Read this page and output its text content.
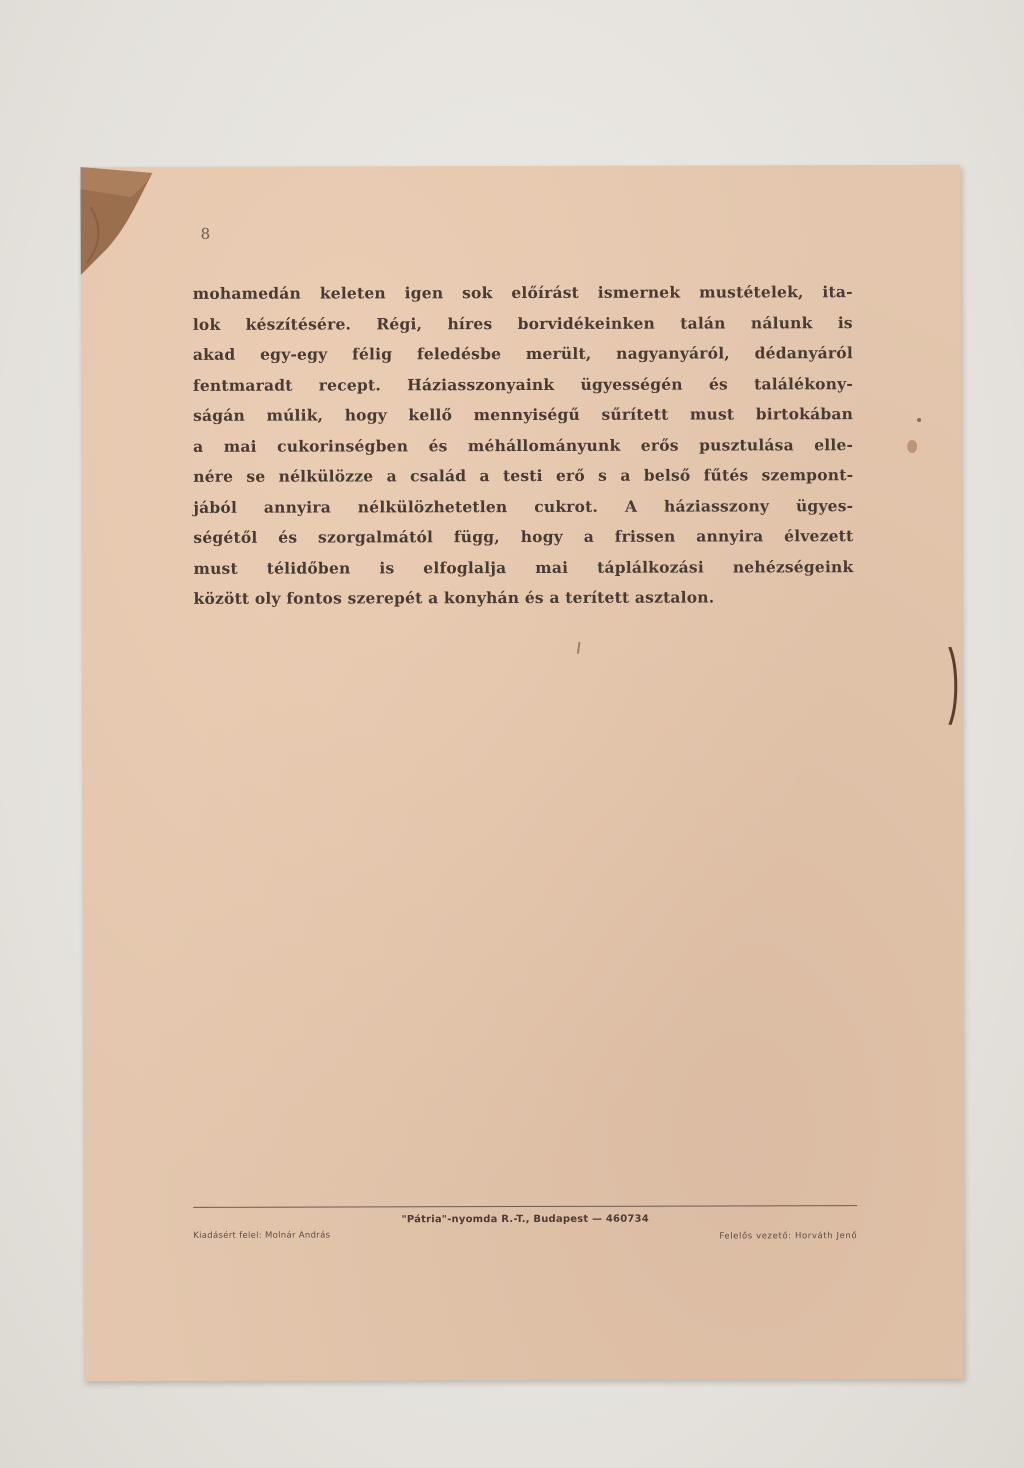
8
mohamedán keleten igen sok előírást ismernek mustételek, ita-
lok készítésére. Régi, híres borvidékeinken talán nálunk is
akad egy-egy félig feledésbe merült, nagyanyáról, dédanyáról
fentmaradt recept. Háziasszonyaink ügyességén és találékony-
ságán múlik, hogy kellő mennyiségű sűrített must birtokában
a mai cukorinségben és méhállományunk erős pusztulása elle-
nére se nélkülözze a család a testi erő s a belső fűtés szempont-
jából annyira nélkülözhetetlen cukrot. A háziasszony ügyes-
ségétől és szorgalmától függ, hogy a frissen annyira élvezett
must télidőben is elfoglalja mai táplálkozási nehézségeink
között oly fontos szerepét a konyhán és a terített asztalon.
"Pátria"-nyomda R.-T., Budapest — 460734
Kiadásért felel: Molnár András	Felelős vezető: Horváth Jenő
